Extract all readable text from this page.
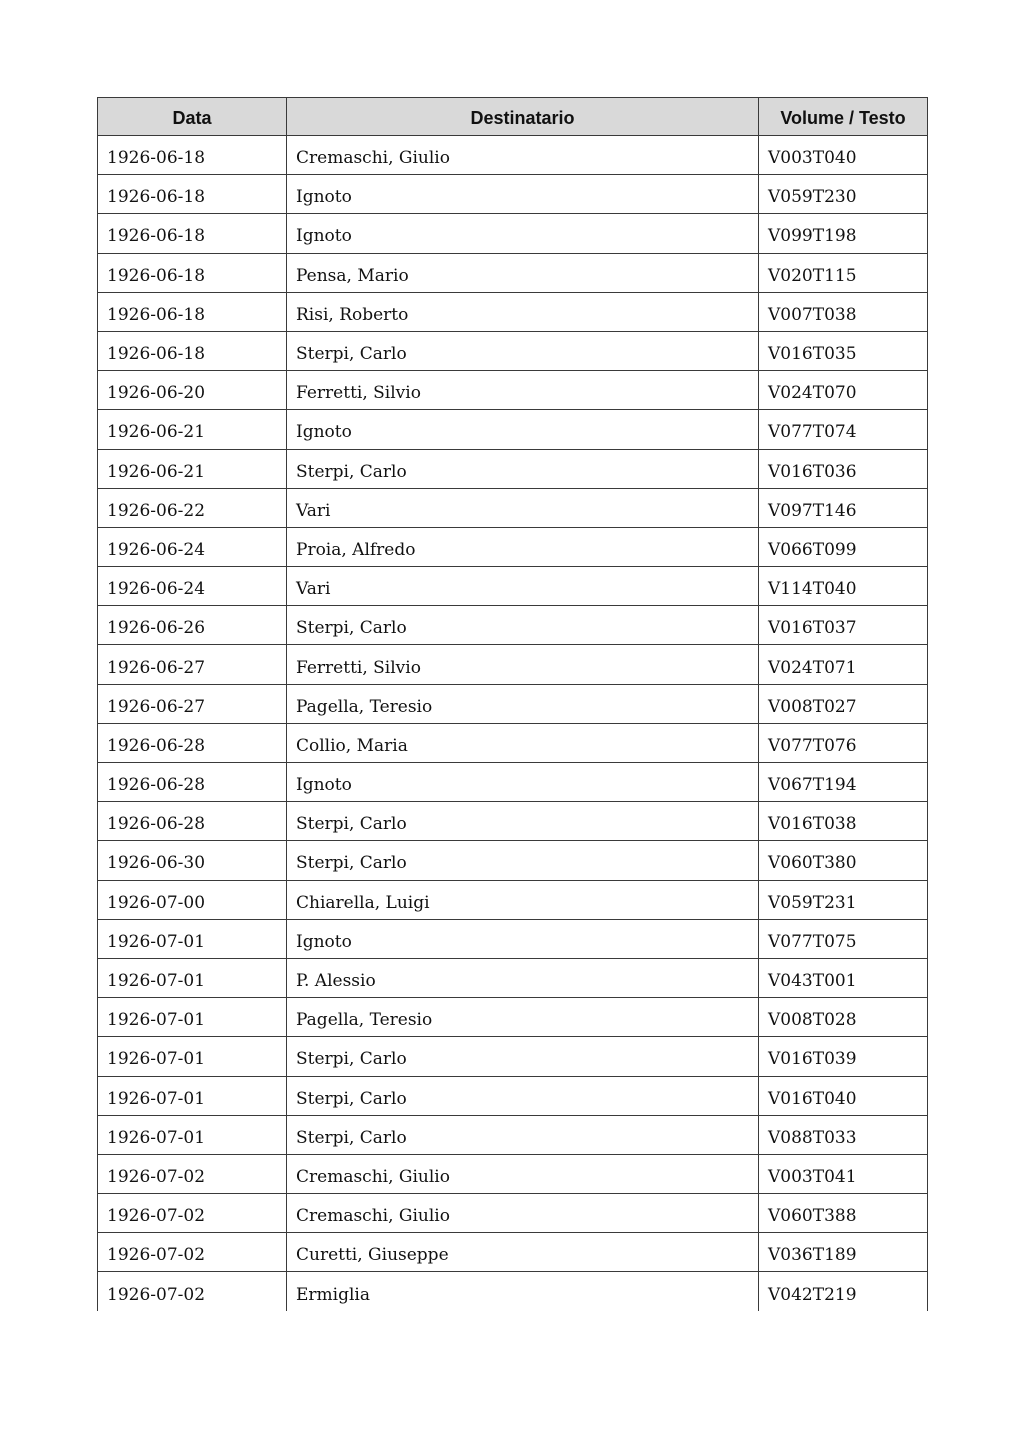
Data	Destinatario	Volume / Testo
1926-06-18	Cremaschi, Giulio	V003T040
1926-06-18	Ignoto	V059T230
1926-06-18	Ignoto	V099T198
1926-06-18	Pensa, Mario	V020T115
1926-06-18	Risi, Roberto	V007T038
1926-06-18	Sterpi, Carlo	V016T035
1926-06-20	Ferretti, Silvio	V024T070
1926-06-21	Ignoto	V077T074
1926-06-21	Sterpi, Carlo	V016T036
1926-06-22	Vari	V097T146
1926-06-24	Proia, Alfredo	V066T099
1926-06-24	Vari	V114T040
1926-06-26	Sterpi, Carlo	V016T037
1926-06-27	Ferretti, Silvio	V024T071
1926-06-27	Pagella, Teresio	V008T027
1926-06-28	Collio, Maria	V077T076
1926-06-28	Ignoto	V067T194
1926-06-28	Sterpi, Carlo	V016T038
1926-06-30	Sterpi, Carlo	V060T380
1926-07-00	Chiarella, Luigi	V059T231
1926-07-01	Ignoto	V077T075
1926-07-01	P. Alessio	V043T001
1926-07-01	Pagella, Teresio	V008T028
1926-07-01	Sterpi, Carlo	V016T039
1926-07-01	Sterpi, Carlo	V016T040
1926-07-01	Sterpi, Carlo	V088T033
1926-07-02	Cremaschi, Giulio	V003T041
1926-07-02	Cremaschi, Giulio	V060T388
1926-07-02	Curetti, Giuseppe	V036T189
1926-07-02	Ermiglia	V042T219
